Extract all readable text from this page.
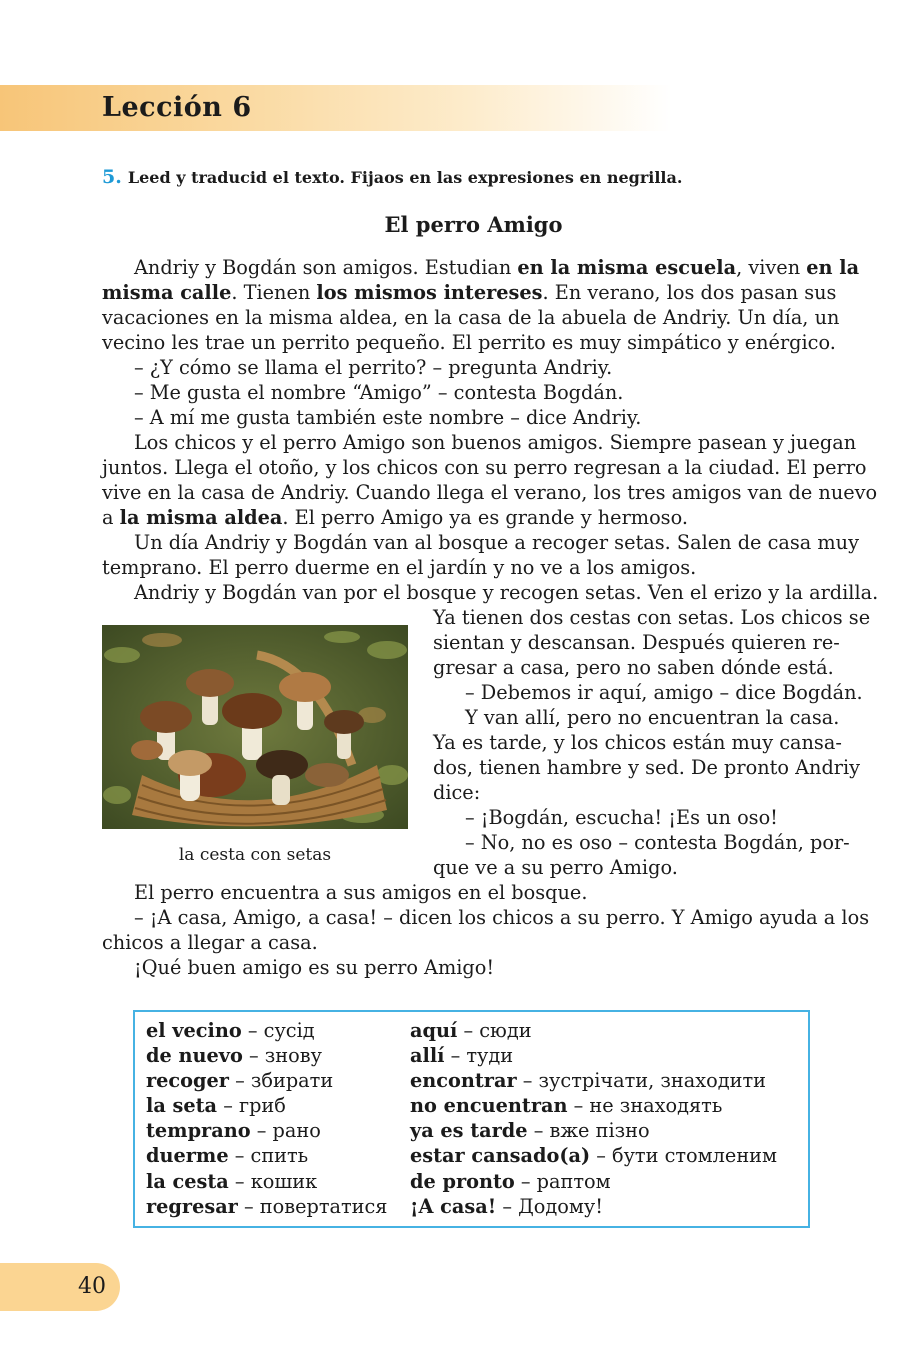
Lección 6
5. Leed y traducid el texto. Fijaos en las expresiones en negrilla.
El perro Amigo
Andriy y Bogdán son amigos. Estudian en la misma escuela, viven en la
misma calle. Tienen los mismos intereses. En verano, los dos pasan sus
vacaciones en la misma aldea, en la casa de la abuela de Andriy. Un día, un
vecino les trae un perrito pequeño. El perrito es muy simpático y enérgico.
– ¿Y cómo se llama el perrito? – pregunta Andriy.
– Me gusta el nombre “Amigo” – contesta Bogdán.
– A mí me gusta también este nombre – dice Andriy.
Los chicos y el perro Amigo son buenos amigos. Siempre pasean y juegan
juntos. Llega el otoño, y los chicos con su perro regresan a la ciudad. El perro
vive en la casa de Andriy. Cuando llega el verano, los tres amigos van de nuevo
a la misma aldea. El perro Amigo ya es grande y hermoso.
Un día Andriy y Bogdán van al bosque a recoger setas. Salen de casa muy
temprano. El perro duerme en el jardín y no ve a los amigos.
Andriy y Bogdán van por el bosque y recogen setas. Ven el erizo y la ardilla.
Ya tienen dos cestas con setas. Los chicos se
sientan y descansan. Después quieren re-
gresar a casa, pero no saben dónde está.
– Debemos ir aquí, amigo – dice Bogdán.
Y van allí, pero no encuentran la casa.
Ya es tarde, y los chicos están muy cansa-
dos, tienen hambre y sed. De pronto Andriy
dice:
– ¡Bogdán, escucha! ¡Es un oso!
– No, no es oso – contesta Bogdán, por-
que ve a su perro Amigo.
la cesta con setas
El perro encuentra a sus amigos en el bosque.
– ¡A casa, Amigo, a casa! – dicen los chicos a su perro. Y Amigo ayuda a los
chicos a llegar a casa.
¡Qué buen amigo es su perro Amigo!
el vecino – сусід
de nuevo – знову
recoger – збирати
la seta – гриб
temprano – рано
duerme – спить
la cesta – кошик
regresar – повертатися
aquí – сюди
allí – туди
encontrar – зустрічати, знаходити
no encuentran – не знаходять
ya es tarde – вже пізно
estar cansado(a) – бути стомленим
de pronto – раптом
¡A casa! – Додому!
40
